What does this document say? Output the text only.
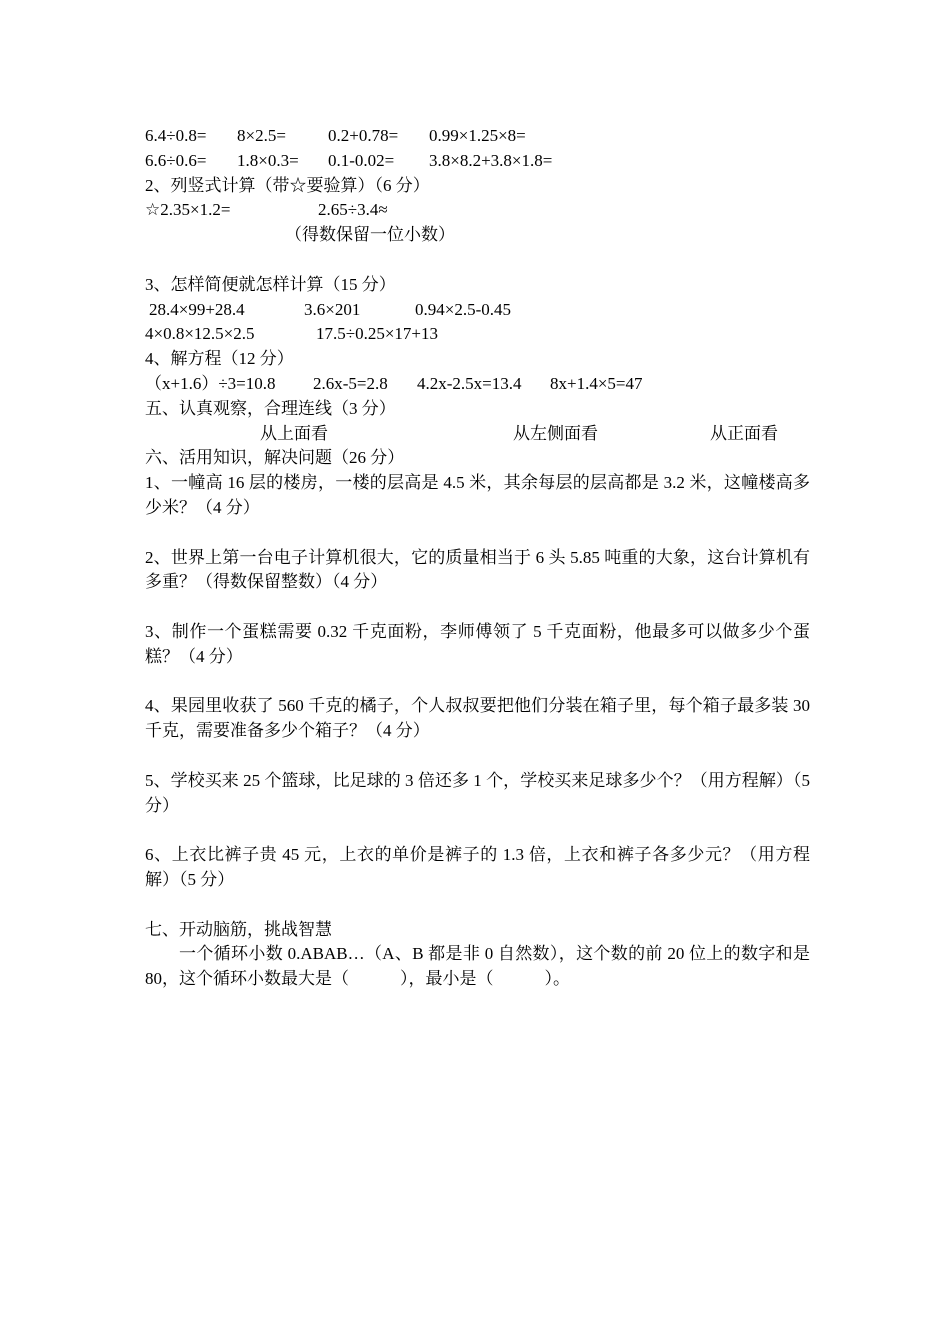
6.4÷0.8= 8×2.5= 0.2+0.78= 0.99×1.25×8=
6.6÷0.6= 1.8×0.3= 0.1-0.02= 3.8×8.2+3.8×1.8=
2、列竖式计算（带☆要验算）（6 分）
☆2.35×1.2=	2.65÷3.4≈
（得数保留一位小数）
3、怎样简便就怎样计算（15 分）
28.4×99+28.4	3.6×201	0.94×2.5-0.45
4×0.8×12.5×2.5	17.5÷0.25×17+13
4、解方程（12 分）
（x+1.6）÷3=10.8 2.6x-5=2.8 4.2x-2.5x=13.4 8x+1.4×5=47
五、认真观察，合理连线（3 分）
从上面看	从左侧面看	从正面看
六、活用知识，解决问题（26 分）
1、一幢高 16 层的楼房，一楼的层高是 4.5 米，其余每层的层高都是 3.2 米，这幢楼高多少米？（4 分）
2、世界上第一台电子计算机很大，它的质量相当于 6 头 5.85 吨重的大象，这台计算机有多重？（得数保留整数）（4 分）
3、制作一个蛋糕需要 0.32 千克面粉，李师傅领了 5 千克面粉，他最多可以做多少个蛋糕？（4 分）
4、果园里收获了 560 千克的橘子，个人叔叔要把他们分装在箱子里，每个箱子最多装 30 千克，需要准备多少个箱子？（4 分）
5、学校买来 25 个篮球，比足球的 3 倍还多 1 个，学校买来足球多少个？（用方程解）（5 分）
6、上衣比裤子贵 45 元，上衣的单价是裤子的 1.3 倍，上衣和裤子各多少元？（用方程解）（5 分）
七、开动脑筋，挑战智慧
一个循环小数 0.ABAB…（A、B 都是非 0 自然数），这个数的前 20 位上的数字和是 80，这个循环小数最大是（　　　），最小是（　　　）。
